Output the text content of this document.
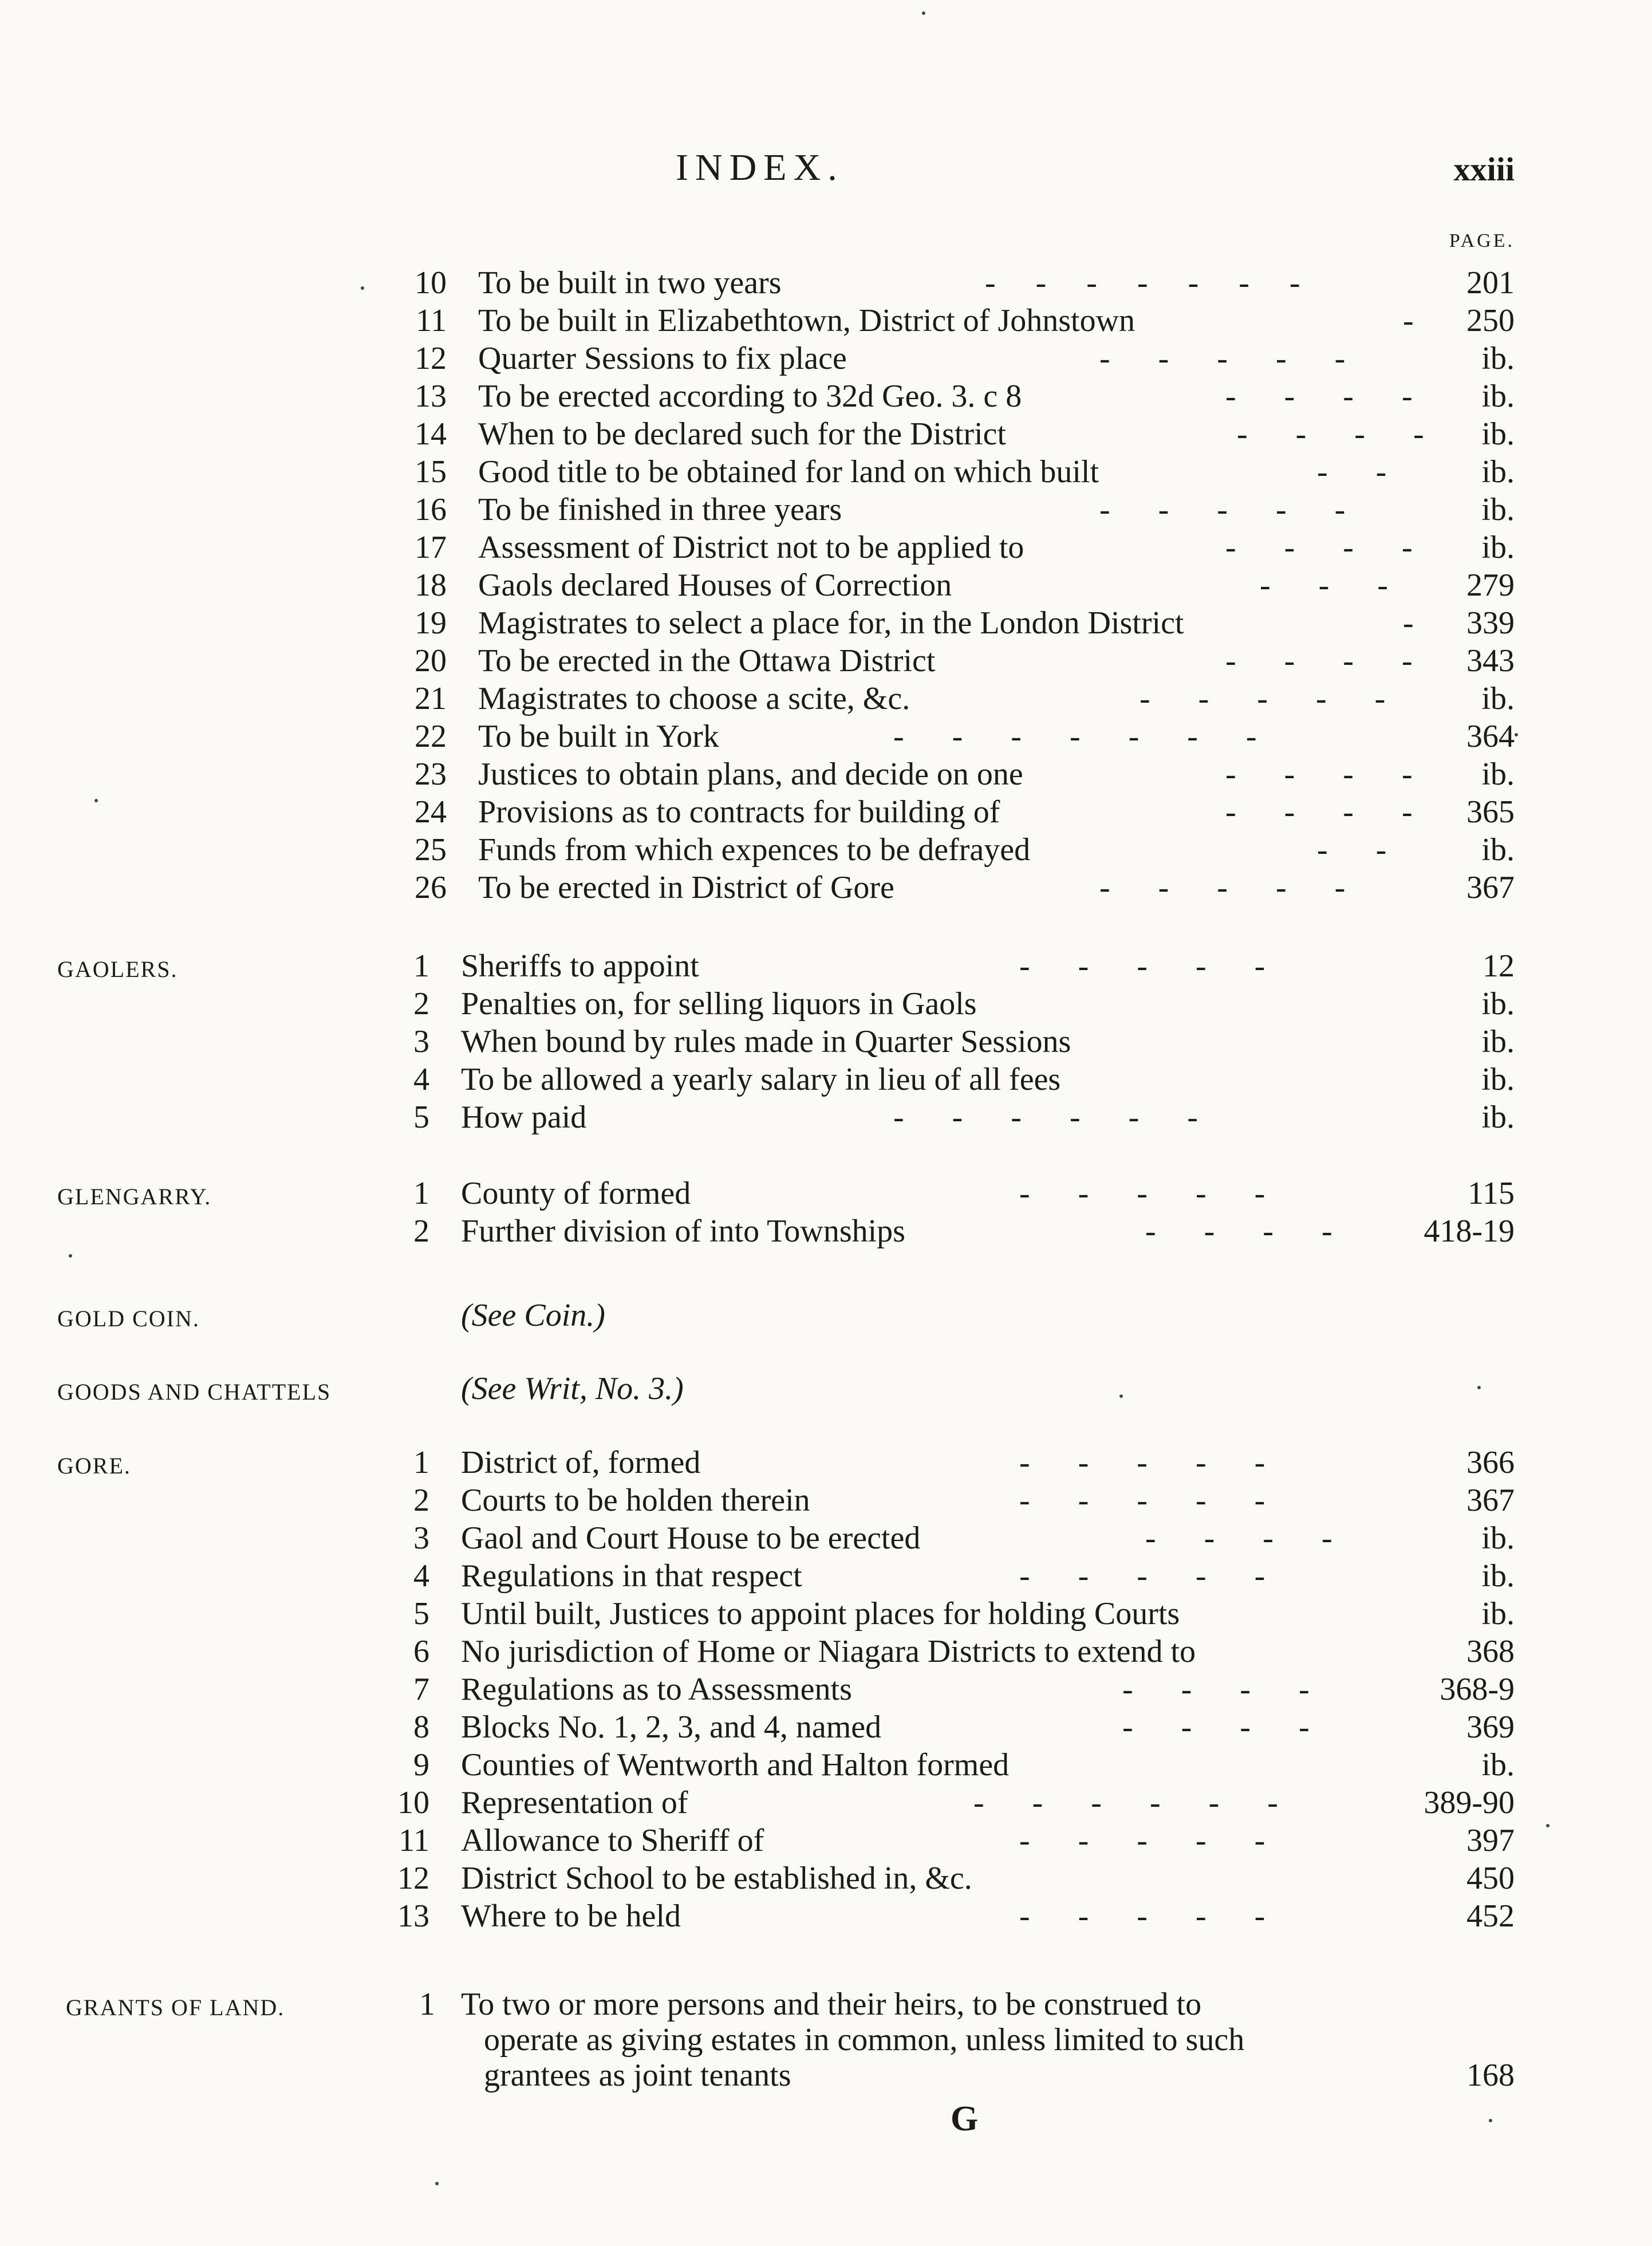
INDEX.	xxiii
PAGE.
10 To be built in two years	-     -     -     -     -     -     -	201
11 To be built in Elizabethtown, District of Johnstown	- 250
12 Quarter Sessions to fix place	-      -      -      -      -	ib.
13 To be erected according to 32d Geo. 3. c 8	-      -      -      - ib.
14 When to be declared such for the District	-      -      -      - ib.
15 Good title to be obtained for land on which built	-      -	ib.
16 To be finished in three years	-      -      -      -      -	ib.
17 Assessment of District not to be applied to	-      -      -      - ib.
18 Gaols declared Houses of Correction	-      -      - 279
19 Magistrates to select a place for, in the London District	- 339
20 To be erected in the Ottawa District	-      -      -      - 343
21 Magistrates to choose a scite, &c.	-      -      -      -      -	ib.
22 To be built in York	-      -      -      -      -      -      -	364
23 Justices to obtain plans, and decide on one	-      -      -      - ib.
24 Provisions as to contracts for building of	-      -      -      - 365
25 Funds from which expences to be defrayed	-      -	ib.
26 To be erected in District of Gore	-      -      -      -      -	367
GAOLERS.	1 Sheriffs to appoint	-      -      -      -      -	12
2 Penalties on, for selling liquors in Gaols	ib.
3 When bound by rules made in Quarter Sessions	ib.
4 To be allowed a yearly salary in lieu of all fees	ib.
5 How paid	-      -      -      -      -      -	ib.
GLENGARRY.	1 County of formed	-      -      -      -      -	115
2 Further division of into Townships	-      -      -      -	418-19
GOLD COIN.	(See Coin.)
GOODS AND CHATTELS	(See Writ, No. 3.)
GORE.	1 District of, formed	-      -      -      -      -	366
2 Courts to be holden therein	-      -      -      -      -	367
3 Gaol and Court House to be erected	-      -      -      -	ib.
4 Regulations in that respect	-      -      -      -      -	ib.
5 Until built, Justices to appoint places for holding Courts	ib.
6 No jurisdiction of Home or Niagara Districts to extend to	368
7 Regulations as to Assessments	-      -      -      -	368-9
8 Blocks No. 1, 2, 3, and 4, named	-      -      -      -	369
9 Counties of Wentworth and Halton formed	ib.
10 Representation of	-      -      -      -      -      -	389-90
11 Allowance to Sheriff of	-      -      -      -      -	397
12 District School to be established in, &c.	450
13 Where to be held	-      -      -      -      -	452
GRANTS OF LAND.	1 To two or more persons and their heirs, to be construed to
operate as giving estates in common, unless limited to such
grantees as joint tenants	168
G
